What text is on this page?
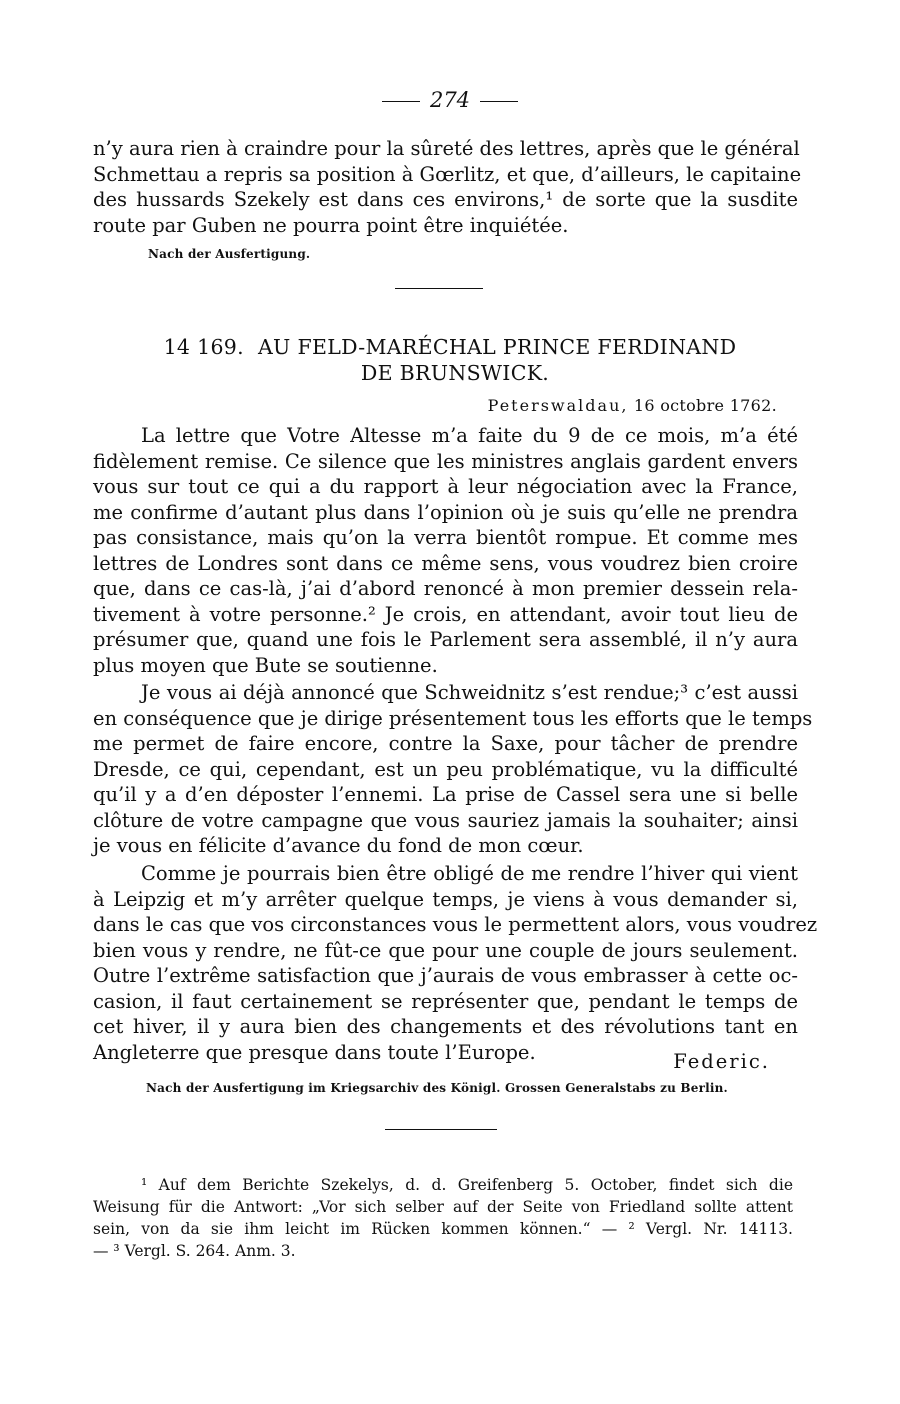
274
n’y aura rien à craindre pour la sûreté des lettres, après que le général
Schmettau a repris sa position à Gœrlitz, et que, d’ailleurs, le capitaine
des hussards Szekely est dans ces environs,¹ de sorte que la susdite
route par Guben ne pourra point être inquiétée.
Nach der Ausfertigung.
14 169. AU FELD-MARÉCHAL PRINCE FERDINAND
DE BRUNSWICK.
Peterswaldau, 16 octobre 1762.
La lettre que Votre Altesse m’a faite du 9 de ce mois, m’a été
fidèlement remise. Ce silence que les ministres anglais gardent envers
vous sur tout ce qui a du rapport à leur négociation avec la France,
me confirme d’autant plus dans l’opinion où je suis qu’elle ne prendra
pas consistance, mais qu’on la verra bientôt rompue. Et comme mes
lettres de Londres sont dans ce même sens, vous voudrez bien croire
que, dans ce cas-là, j’ai d’abord renoncé à mon premier dessein rela-
tivement à votre personne.² Je crois, en attendant, avoir tout lieu de
présumer que, quand une fois le Parlement sera assemblé, il n’y aura
plus moyen que Bute se soutienne.
Je vous ai déjà annoncé que Schweidnitz s’est rendue;³ c’est aussi
en conséquence que je dirige présentement tous les efforts que le temps
me permet de faire encore, contre la Saxe, pour tâcher de prendre
Dresde, ce qui, cependant, est un peu problématique, vu la difficulté
qu’il y a d’en déposter l’ennemi. La prise de Cassel sera une si belle
clôture de votre campagne que vous sauriez jamais la souhaiter; ainsi
je vous en félicite d’avance du fond de mon cœur.
Comme je pourrais bien être obligé de me rendre l’hiver qui vient
à Leipzig et m’y arrêter quelque temps, je viens à vous demander si,
dans le cas que vos circonstances vous le permettent alors, vous voudrez
bien vous y rendre, ne fût-ce que pour une couple de jours seulement.
Outre l’extrême satisfaction que j’aurais de vous embrasser à cette oc-
casion, il faut certainement se représenter que, pendant le temps de
cet hiver, il y aura bien des changements et des révolutions tant en
Angleterre que presque dans toute l’Europe.	Federic.
Nach der Ausfertigung im Kriegsarchiv des Königl. Grossen Generalstabs zu Berlin.
¹ Auf dem Berichte Szekelys, d. d. Greifenberg 5. October, findet sich die
Weisung für die Antwort: „Vor sich selber auf der Seite von Friedland sollte attent
sein, von da sie ihm leicht im Rücken kommen können.“ — ² Vergl. Nr. 14113.
— ³ Vergl. S. 264. Anm. 3.
